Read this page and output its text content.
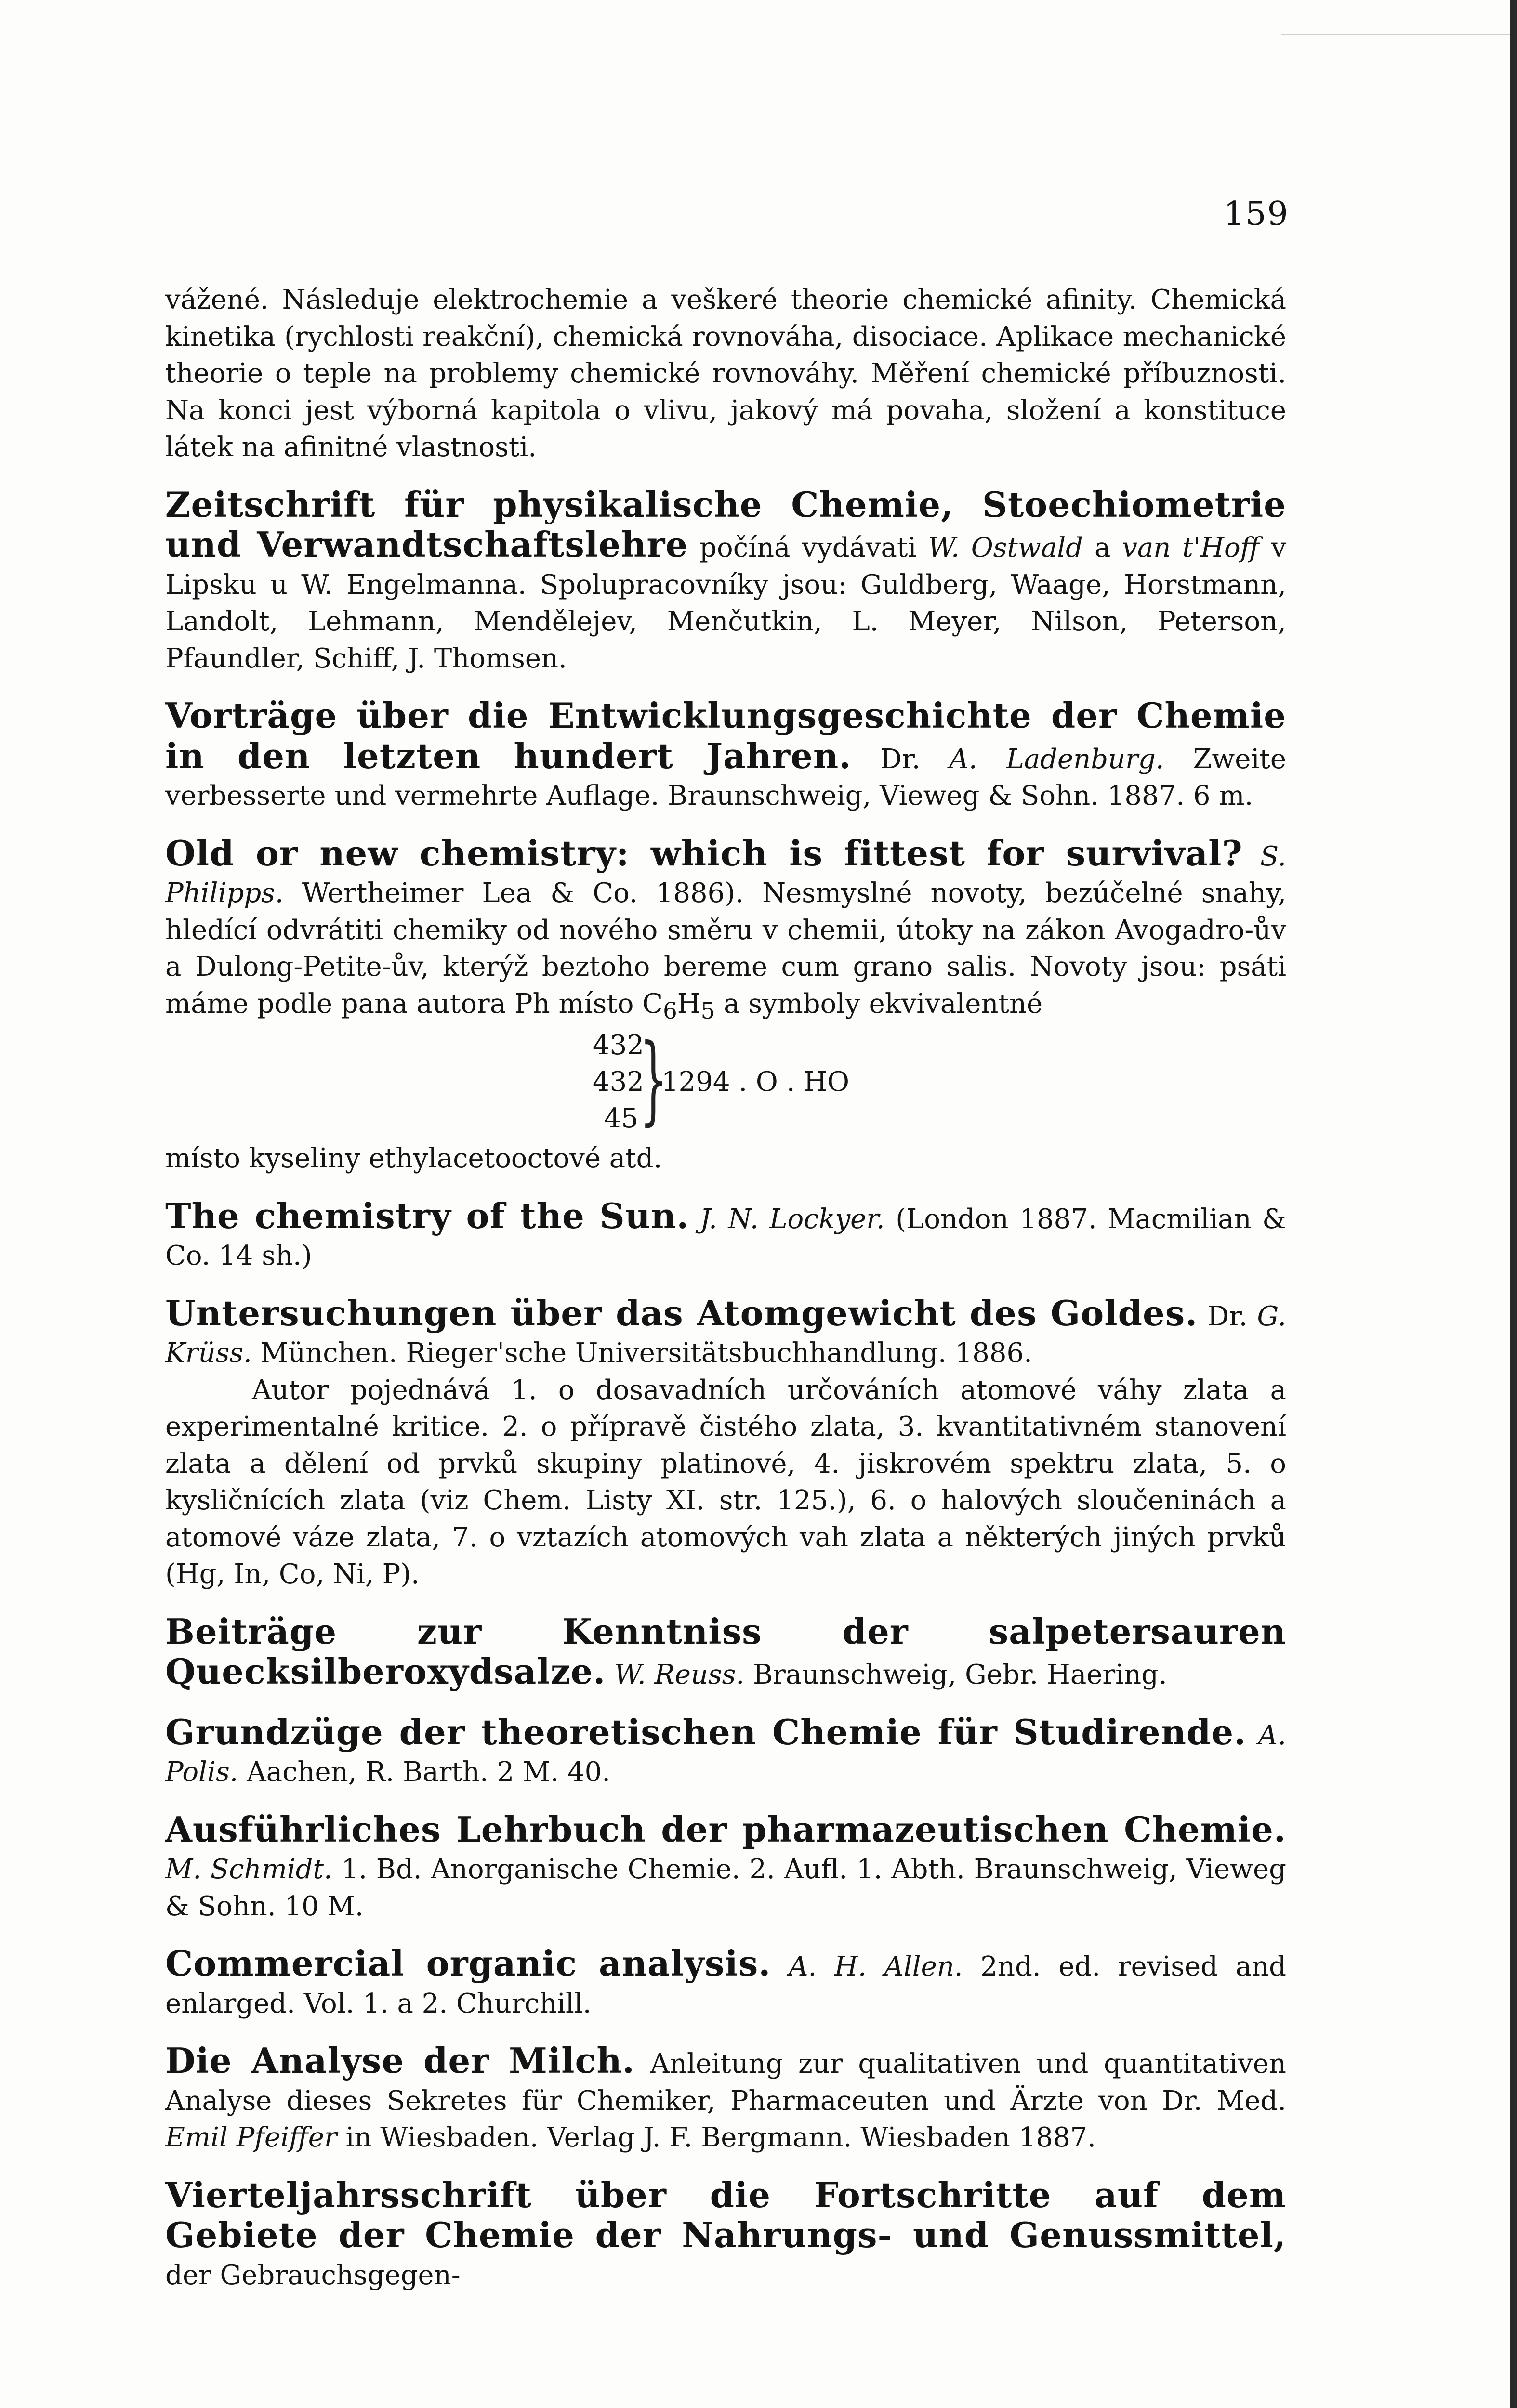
159

vážené. Následuje elektrochemie a veškeré theorie chemické afinity. Chemická kinetika (rychlosti reakční), chemická rovnováha, disociace. Aplikace mechanické theorie o teple na problemy chemické rovnováhy. Měření chemické příbuznosti. Na konci jest výborná kapitola o vlivu, jakový má povaha, složení a konstituce látek na afinitné vlastnosti.

Zeitschrift für physikalische Chemie, Stoechiometrie und Verwandtschaftslehre počíná vydávati W. Ostwald a van t'Hoff v Lipsku u W. Engelmanna. Spolupracovníky jsou: Guldberg, Waage, Horstmann, Landolt, Lehmann, Mendělejev, Menčutkin, L. Meyer, Nilson, Peterson, Pfaundler, Schiff, J. Thomsen.

Vorträge über die Entwicklungsgeschichte der Chemie in den letzten hundert Jahren. Dr. A. Ladenburg. Zweite verbesserte und vermehrte Auflage. Braunschweig, Vieweg & Sohn. 1887. 6 m.

Old or new chemistry: which is fittest for survival? S. Philipps. Wertheimer Lea & Co. 1886). Nesmyslné novoty, bezúčelné snahy, hledící odvrátiti chemiky od nového směru v chemii, útoky na zákon Avogadro-ův a Dulong-Petite-ův, kterýž beztoho bereme cum grano salis. Novoty jsou: psáti máme podle pana autora Ph místo $C_6H_5$ a symboly ekvivalentné

432
432
45 }
1294 . O . HO

místo kyseliny ethylacetooctové atd.

The chemistry of the Sun. J. N. Lockyer. (London 1887. Macmilian & Co. 14 sh.)

Untersuchungen über das Atomgewicht des Goldes. Dr. G. Krüss. München. Rieger'sche Universitätsbuchhandlung. 1886.

Autor pojednává 1. o dosavadních určováních atomové váhy zlata a experimentalné kritice. 2. o přípravě čistého zlata, 3. kvantitativném stanovení zlata a dělení od prvků skupiny platinové, 4. jiskrovém spektru zlata, 5. o kysličnících zlata (viz Chem. Listy XI. str. 125.), 6. o halových sloučeninách a atomové váze zlata, 7. o vztazích atomových vah zlata a některých jiných prvků (Hg, In, Co, Ni, P).

Beiträge zur Kenntniss der salpetersauren Quecksilberoxydsalze. W. Reuss. Braunschweig, Gebr. Haering.

Grundzüge der theoretischen Chemie für Studirende. A. Polis. Aachen, R. Barth. 2 M. 40.

Ausführliches Lehrbuch der pharmazeutischen Chemie. M. Schmidt. 1. Bd. Anorganische Chemie. 2. Aufl. 1. Abth. Braunschweig, Vieweg & Sohn. 10 M.

Commercial organic analysis. A. H. Allen. 2nd. ed. revised and enlarged. Vol. 1. a 2. Churchill.

Die Analyse der Milch. Anleitung zur qualitativen und quantitativen Analyse dieses Sekretes für Chemiker, Pharmaceuten und Ärzte von Dr. Med. Emil Pfeiffer in Wiesbaden. Verlag J. F. Bergmann. Wiesbaden 1887.

Vierteljahrsschrift über die Fortschritte auf dem Gebiete der Chemie der Nahrungs- und Genussmittel, der Gebrauchsgegen-
